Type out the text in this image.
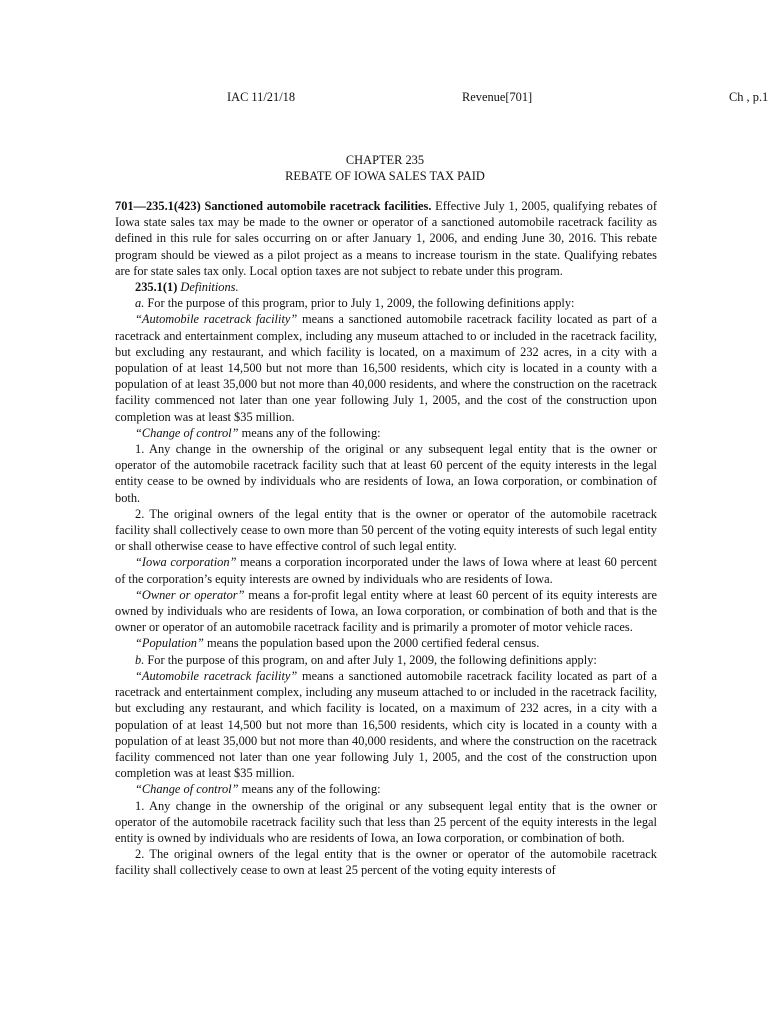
IAC 11/21/18	Revenue[701]	Ch , p.1
CHAPTER 235
REBATE OF IOWA SALES TAX PAID

701—235.1(423) Sanctioned automobile racetrack facilities. Effective July 1, 2005, qualifying rebates of Iowa state sales tax may be made to the owner or operator of a sanctioned automobile racetrack facility as defined in this rule for sales occurring on or after January 1, 2006, and ending June 30, 2016. This rebate program should be viewed as a pilot project as a means to increase tourism in the state. Qualifying rebates are for state sales tax only. Local option taxes are not subject to rebate under this program.

235.1(1) Definitions.

a. For the purpose of this program, prior to July 1, 2009, the following definitions apply:

“Automobile racetrack facility” means a sanctioned automobile racetrack facility located as part of a racetrack and entertainment complex, including any museum attached to or included in the racetrack facility, but excluding any restaurant, and which facility is located, on a maximum of 232 acres, in a city with a population of at least 14,500 but not more than 16,500 residents, which city is located in a county with a population of at least 35,000 but not more than 40,000 residents, and where the construction on the racetrack facility commenced not later than one year following July 1, 2005, and the cost of the construction upon completion was at least $35 million.

“Change of control” means any of the following:

1. Any change in the ownership of the original or any subsequent legal entity that is the owner or operator of the automobile racetrack facility such that at least 60 percent of the equity interests in the legal entity cease to be owned by individuals who are residents of Iowa, an Iowa corporation, or combination of both.

2. The original owners of the legal entity that is the owner or operator of the automobile racetrack facility shall collectively cease to own more than 50 percent of the voting equity interests of such legal entity or shall otherwise cease to have effective control of such legal entity.

“Iowa corporation” means a corporation incorporated under the laws of Iowa where at least 60 percent of the corporation’s equity interests are owned by individuals who are residents of Iowa.

“Owner or operator” means a for-profit legal entity where at least 60 percent of its equity interests are owned by individuals who are residents of Iowa, an Iowa corporation, or combination of both and that is the owner or operator of an automobile racetrack facility and is primarily a promoter of motor vehicle races.

“Population” means the population based upon the 2000 certified federal census.

b. For the purpose of this program, on and after July 1, 2009, the following definitions apply:

“Automobile racetrack facility” means a sanctioned automobile racetrack facility located as part of a racetrack and entertainment complex, including any museum attached to or included in the racetrack facility, but excluding any restaurant, and which facility is located, on a maximum of 232 acres, in a city with a population of at least 14,500 but not more than 16,500 residents, which city is located in a county with a population of at least 35,000 but not more than 40,000 residents, and where the construction on the racetrack facility commenced not later than one year following July 1, 2005, and the cost of the construction upon completion was at least $35 million.

“Change of control” means any of the following:

1. Any change in the ownership of the original or any subsequent legal entity that is the owner or operator of the automobile racetrack facility such that less than 25 percent of the equity interests in the legal entity is owned by individuals who are residents of Iowa, an Iowa corporation, or combination of both.

2. The original owners of the legal entity that is the owner or operator of the automobile racetrack facility shall collectively cease to own at least 25 percent of the voting equity interests of
